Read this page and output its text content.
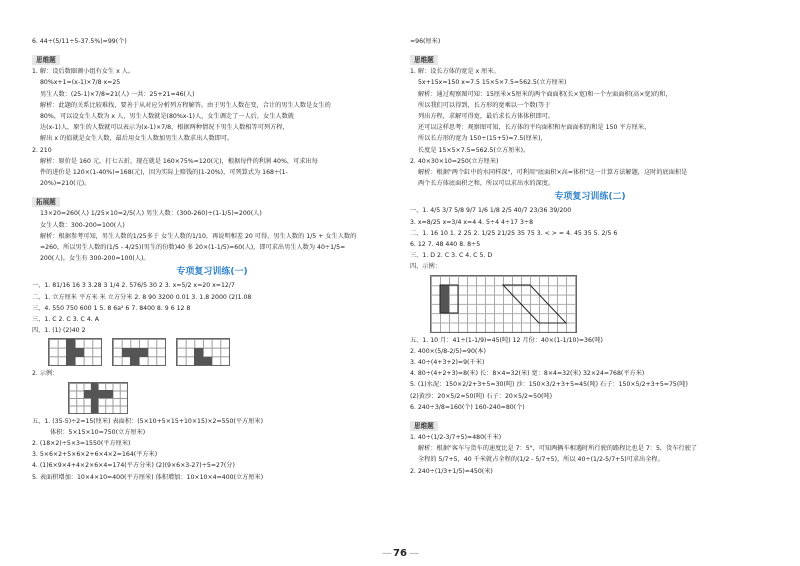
6. 44÷(5/11÷5-37.5%)=99(个)
思维题
1. 解：设后数圈调小组有女生 x 人。
80%x+1=(x-1)×7/8 x=25
男生人数：(25-1)×7/8=21(人) 一共：25+21=46(人)
解析：此题的关系比较难找，要善于从对应分析列方程解答。由于男生人数在变，合计的男生人数是女生的
80%，可以设女生人数为 x 人，男生人数就是(80%x-1)人，女生调走了一人后，女生人数就
达(x-1)人，原生的人数就可以表示为(x-1)×7/8，根据两种情况下男生人数相等可列方程，
解出 x 的值就是女生人数，最后用女生人数加男生人数求出人数即可。
2. 210
解析：原价是 160 元，打七五折，现在就是 160×75%=120(元)，根据每件的利润 40%，可求出每
件的进价是 120×(1-40%)=168(元)，因为实际上赔钱的(1-20%)，可列算式为 168÷(1-
20%)=210(元)。
拓展题
13×20=260(人) 1/25×10=2/5(人) 男生人数：(300-260)÷(1-1/5)=200(人)
女生人数：300-200=100(人)
解析：根据参考可知，男生人数的1/25多于 女生人数的1/10，再说明相差 20 可得，男生人数的 1/5 + 女生人数的
=260，所以男生人数的(1/5 - 4/25)(男生的份数)40 多 20×(1-1/5)=60(人)，即可求出男生人数为 40÷1/5=
200(人)，女生有 300-200=100(人)。
专项复习训练(一)
一、1. 81/16 16 3 3.28 3 1/4 2. 576/5 30 2 3. x=5/2 x=20 x=12/7
二、1. 立方厘米 平方米 米 立方分米 2. 8 90 3200 0.01 3. 1.8 2000 (2)1.08
三、4. 550 750 600 1 5. 8 6a² 6 7. 8400 8. 9 6 12 8
三、1. C 2. C 3. C 4. A
四、1. (1) (2)40 2
2. 示例：
五、1. (35-5)÷2=15(厘米) 表面积：(5×10+5×15+10×15)×2=550(平方厘米)
体积：5×15×10=750(立方厘米)
2. (18×2)÷5×3=1550(平方厘米)
3. 5×6×2+5×6×2+6×4×2=164(平方米)
4. (1)6×9×4+4×2×6×4=174(平方分米) (2)(9×6×3-27)÷5=27(分)
5. 表面积增加：10×4×10=400(平方厘米) 体积增加：10×10×4=400(立方厘米)
=96(厘米)
思维题
1. 解：设长方体的宽是 x 厘米。
5x+15x=150 x=7.5 15×5×7.5=562.5(立方厘米)
解析：通过观察图可知：15厘米×5厘米的两个面面积(长×宽)和一个左面面积(高×宽)的和，
所以我们可以得到，长方形的宽乘以一个数(等于
列出方程，求解可得宽，最后求长方体体积即可。
还可以这样思考：观察图可知，长方体的平均面积和左面面积的和是 150 平方厘米，
所以长方形的宽为 150÷(15+5)=7.5(厘米)，
长度是 15×5×7.5=562.5(立方厘米)。
2. 40×30×10=250(立方厘米)
解析：根据"两个缸中的水同样深"，可利用"底面积×高=体积"这一计算方法解题，这时的底面积是
两个长方体底面积之和，所以可以求出水的深度。
专项复习训练(二)
一、1. 4/5 3/7 5/8 9/7 1/6 1/8 2/5 40/7 23/36 39/200
3. x=8/25 x=3/4 x=4 4. 5÷4 4÷17 3÷8
二、1. 16 10 1. 2 25 2. 1/25 21/25 35 75 3. < > = 4. 45 35 5. 2/5 6
6. 12 7. 48 440 8. 8÷5
三、1. D 2. C 3. C 4. C 5. D
四、示例：
五、1. 10 月：41÷(1-1/9)=45(吨) 12 月份：40×(1-1/10)=36(吨)
2. 400×(5/8-2/5)=90(本)
3. 40÷(4+3+2)=9(千米)
4. 80÷(4+2+3)=8(米) 长：8×4=32(米) 宽：8×4=32(米) 32×24=768(平方米)
5. (1)水泥：150×2/2+3+5=30(吨) 沙：150×3/2+3+5=45(吨) 石子：150×5/2+3+5=75(吨)
(2)黄沙：20×5/2=50(吨) 石子：20×5/2=50(吨)
6. 240÷3/8=160(个) 160-240=80(个)
思维题
1. 40÷(1/2-3/7+5)=480(千米)
解析：根据"客车与货车的速度比是 7：5"，可知两辆车相遇时所行驶的路程比也是 7：5，货车行驶了
全程的 5/7+5，40 千米就占全程的(1/2 - 5/7+5)，所以 40÷(1/2-5/7+5)可求出全程。
2. 240÷(1/3+1/5)=450(米)
— 76 —
